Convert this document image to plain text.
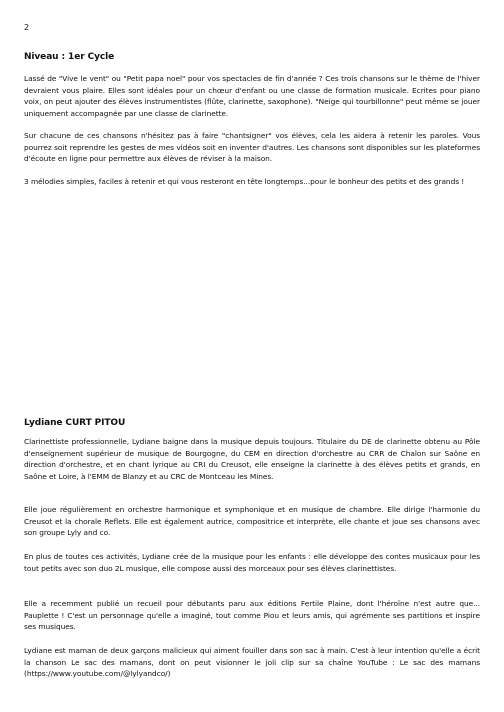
2
Niveau : 1er Cycle

Lassé de "Vive le vent" ou "Petit papa noel" pour vos spectacles de fin d'année ? Ces trois chansons sur le thème de l'hiver devraient vous plaire. Elles sont idéales pour un chœur d'enfant ou une classe de formation musicale. Ecrites pour piano voix, on peut ajouter des élèves instrumentistes (flûte, clarinette, saxophone). "Neige qui tourbillonne" peut même se jouer uniquement accompagnée par une classe de clarinette.

Sur chacune de ces chansons n'hésitez pas à faire "chantsigner" vos élèves, cela les aidera à retenir les paroles. Vous pourrez soit reprendre les gestes de mes vidéos soit en inventer d'autres. Les chansons sont disponibles sur les plateformes d'écoute en ligne pour permettre aux élèves de réviser à la maison.

3 mélodies simples, faciles à retenir et qui vous resteront en tête longtemps...pour le bonheur des petits et des grands !

Lydiane CURT PITOU

Clarinettiste professionnelle, Lydiane baigne dans la musique depuis toujours. Titulaire du DE de clarinette obtenu au Pôle d'enseignement supérieur de musique de Bourgogne, du CEM en direction d'orchestre au CRR de Chalon sur Saône en direction d'orchestre, et en chant lyrique au CRI du Creusot, elle enseigne la clarinette à des élèves petits et grands, en Saône et Loire, à l'EMM de Blanzy et au CRC de Montceau les Mines.

Elle joue régulièrement en orchestre harmonique et symphonique et en musique de chambre. Elle dirige l'harmonie du Creusot et la chorale Reflets. Elle est également autrice, compositrice et interprète, elle chante et joue ses chansons avec son groupe Lyly and co.

En plus de toutes ces activités, Lydiane crée de la musique pour les enfants : elle développe des contes musicaux pour les tout petits avec son duo 2L musique, elle compose aussi des morceaux pour ses élèves clarinettistes.

Elle a recemment publié un recueil pour débutants paru aux éditions Fertile Plaine, dont l'héroïne n'est autre que... Pauplette ! C'est un personnage qu'elle a imaginé, tout comme Piou et leurs amis, qui agrémente ses partitions et inspire ses musiques.

Lydiane est maman de deux garçons malicieux qui aiment fouiller dans son sac à main. C'est à leur intention qu'elle a écrit la chanson Le sac des mamans, dont on peut visionner le joli clip sur sa chaîne YouTube : Le sac des mamans (https://www.youtube.com/@lylyandco/)
